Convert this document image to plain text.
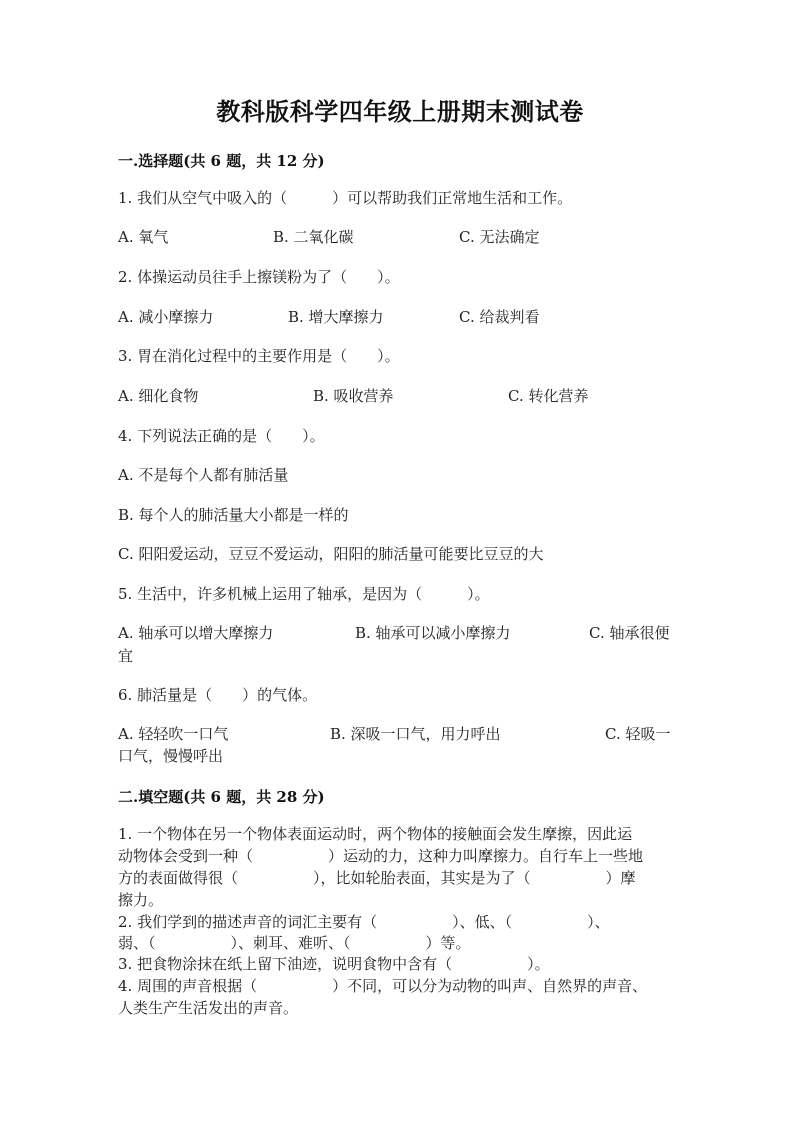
教科版科学四年级上册期末测试卷
一.选择题(共 6 题，共 12 分)
1. 我们从空气中吸入的（　　　）可以帮助我们正常地生活和工作。
A. 氧气	B. 二氧化碳	C. 无法确定
2. 体操运动员往手上擦镁粉为了（　　）。
A. 减小摩擦力	B. 增大摩擦力	C. 给裁判看
3. 胃在消化过程中的主要作用是（　　）。
A. 细化食物	B. 吸收营养	C. 转化营养
4. 下列说法正确的是（　　）。
A. 不是每个人都有肺活量
B. 每个人的肺活量大小都是一样的
C. 阳阳爱运动，豆豆不爱运动，阳阳的肺活量可能要比豆豆的大
5. 生活中，许多机械上运用了轴承，是因为（　　　）。
A. 轴承可以增大摩擦力	B. 轴承可以减小摩擦力	C. 轴承很便
宜
6. 肺活量是（　　）的气体。
A. 轻轻吹一口气	B. 深吸一口气，用力呼出	C. 轻吸一
口气，慢慢呼出
二.填空题(共 6 题，共 28 分)
1. 一个物体在另一个物体表面运动时，两个物体的接触面会发生摩擦，因此运
动物体会受到一种（　　　　　）运动的力，这种力叫摩擦力。自行车上一些地
方的表面做得很（　　　　　），比如轮胎表面，其实是为了（　　　　　）摩
擦力。
2. 我们学到的描述声音的词汇主要有（　　　　　）、低、（　　　　　）、
弱、（　　　　　）、刺耳、难听、（　　　　　）等。
3. 把食物涂抹在纸上留下油迹，说明食物中含有（　　　　　）。
4. 周围的声音根据（　　　　　）不同，可以分为动物的叫声、自然界的声音、
人类生产生活发出的声音。
